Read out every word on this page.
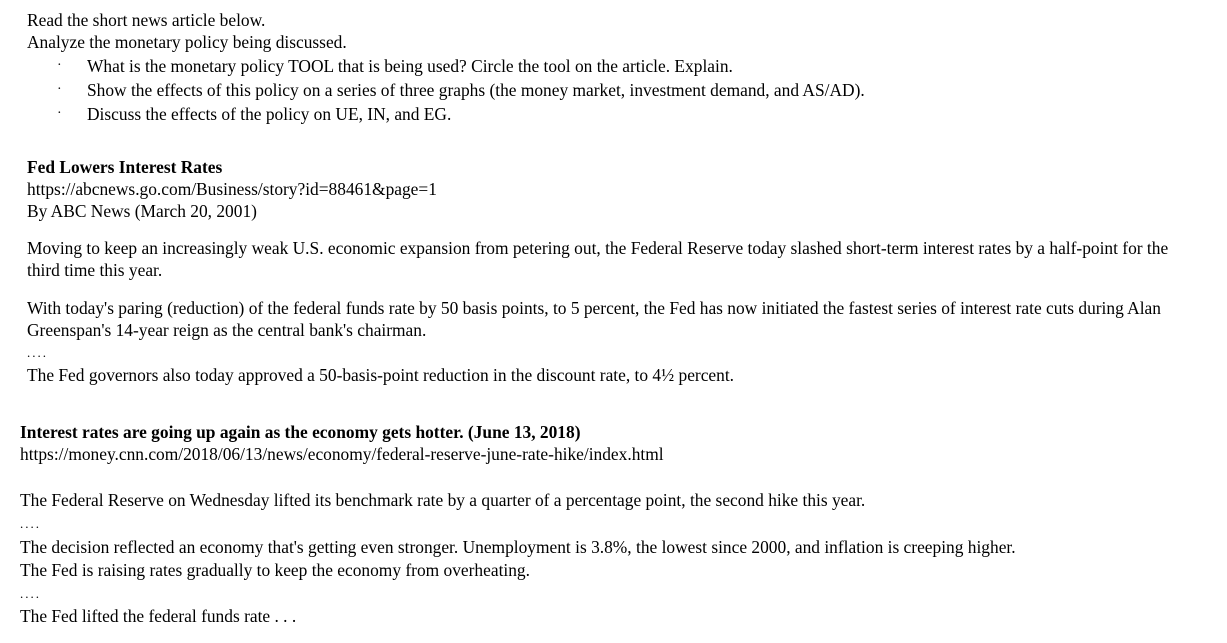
Read the short news article below.
Analyze the monetary policy being discussed.
· What is the monetary policy TOOL that is being used? Circle the tool on the article. Explain.
· Show the effects of this policy on a series of three graphs (the money market, investment demand, and AS/AD).
· Discuss the effects of the policy on UE, IN, and EG.
Fed Lowers Interest Rates
https://abcnews.go.com/Business/story?id=88461&page=1
By ABC News (March 20, 2001)
Moving to keep an increasingly weak U.S. economic expansion from petering out, the Federal Reserve today slashed short-term interest rates by a half-point for the third time this year.
With today's paring (reduction) of the federal funds rate by 50 basis points, to 5 percent, the Fed has now initiated the fastest series of interest rate cuts during Alan Greenspan's 14-year reign as the central bank's chairman.
....
The Fed governors also today approved a 50-basis-point reduction in the discount rate, to 4½ percent.
Interest rates are going up again as the economy gets hotter. (June 13, 2018)
https://money.cnn.com/2018/06/13/news/economy/federal-reserve-june-rate-hike/index.html
The Federal Reserve on Wednesday lifted its benchmark rate by a quarter of a percentage point, the second hike this year.
....
The decision reflected an economy that's getting even stronger. Unemployment is 3.8%, the lowest since 2000, and inflation is creeping higher.
The Fed is raising rates gradually to keep the economy from overheating.
....
The Fed lifted the federal funds rate . . .
